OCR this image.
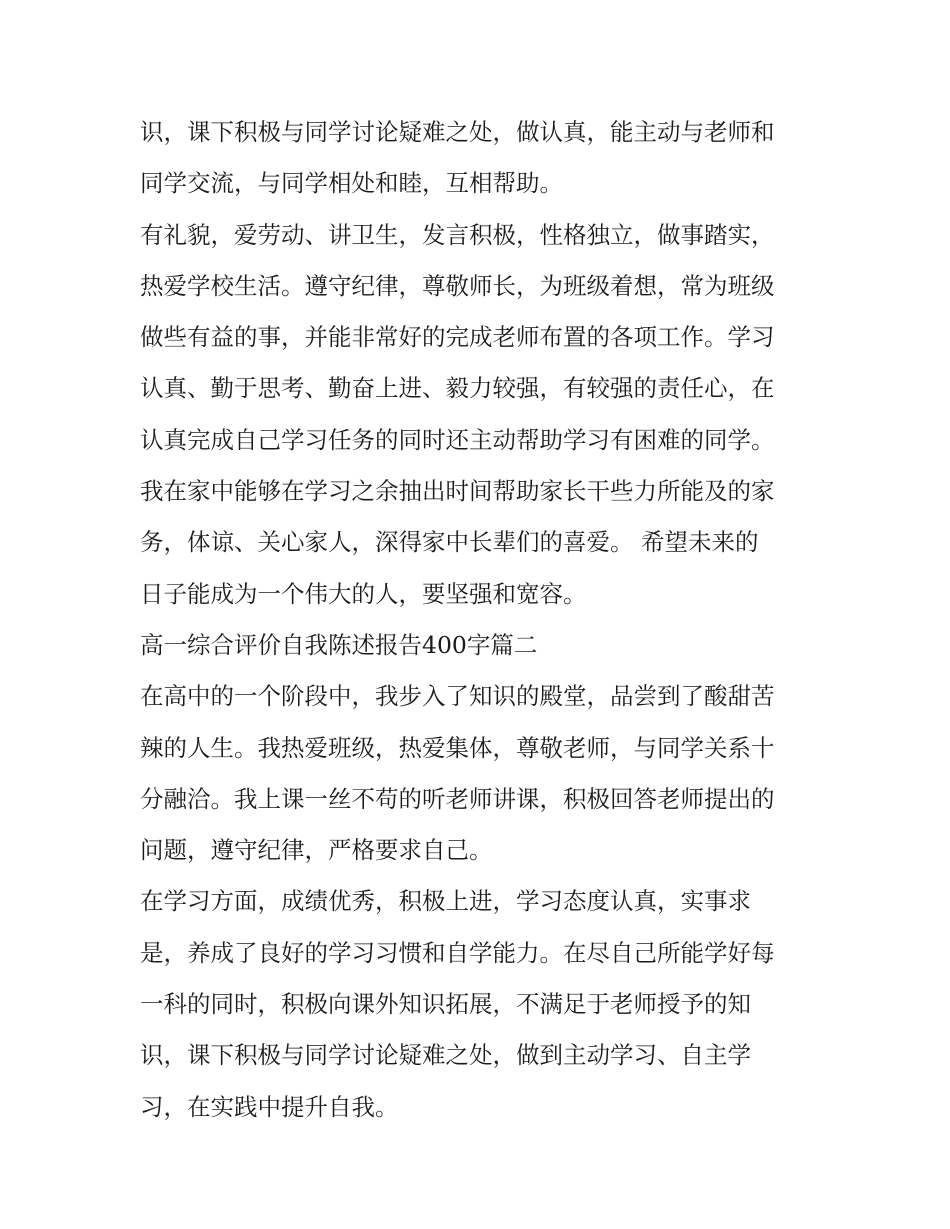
识，课下积极与同学讨论疑难之处，做认真，能主动与老师和
同学交流，与同学相处和睦，互相帮助。
有礼貌，爱劳动、讲卫生，发言积极，性格独立，做事踏实，
热爱学校生活。遵守纪律，尊敬师长，为班级着想，常为班级
做些有益的事，并能非常好的完成老师布置的各项工作。学习
认真、勤于思考、勤奋上进、毅力较强，有较强的责任心，在
认真完成自己学习任务的同时还主动帮助学习有困难的同学。
我在家中能够在学习之余抽出时间帮助家长干些力所能及的家
务，体谅、关心家人，深得家中长辈们的喜爱。 希望未来的
日子能成为一个伟大的人，要坚强和宽容。
高一综合评价自我陈述报告400字篇二
在高中的一个阶段中，我步入了知识的殿堂，品尝到了酸甜苦
辣的人生。我热爱班级，热爱集体，尊敬老师，与同学关系十
分融洽。我上课一丝不苟的听老师讲课，积极回答老师提出的
问题，遵守纪律，严格要求自己。
在学习方面，成绩优秀，积极上进，学习态度认真，实事求
是，养成了良好的学习习惯和自学能力。在尽自己所能学好每
一科的同时，积极向课外知识拓展，不满足于老师授予的知
识，课下积极与同学讨论疑难之处，做到主动学习、自主学
习，在实践中提升自我。
